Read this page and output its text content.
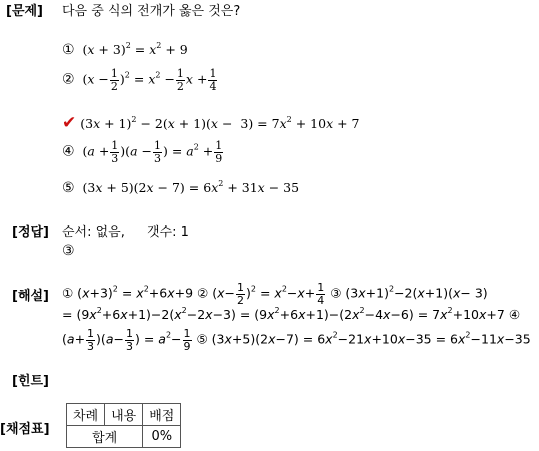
[문제] 다음 중 식의 전개가 옳은 것은?
①  $(x + 3)^2 = x^2 + 9$
②  $(x - \frac{1}{2} )^2 = x^2 - \frac{1}{2}$ $x + \frac{1}{4}$
✔ $(3x + 1)^2 - 2(x + 1)(x - 3) = 7x^2 + 10x + 7$
④  $(a + \frac{1}{3} )(a - \frac{1}{3}$ ) = $a^2 + \frac{1}{9}$
⑤  $(3x + 5)(2x - 7) = 6x^2 + 31x - 35$
[정답] 순서: 없음, 갯수: 1
③
[해설] ① $(x+3)^2 = x^2+6x+9$ ② $(x- \frac{1}{2} )^2 = x^2-x+ \frac{1}{4}$ ③ $(3x+1)^2-2(x+1)(x- 3)$
= $(9x^2+6x+1)-2(x^2-2x-3) = (9x^2+6x+1)-(2x^2-4x-6) = 7x^2+10x+7$ ④
$(a+ \frac{1}{3} )(a- \frac{1}{3}$ ) = $a^2- \frac{1}{9}$ ⑤ $(3x+5)(2x-7) = 6x^2-21x+10x-35 = 6x^2-11x-35$
[힌트]
[채점표]
차례	내용	배점
합계		0%
